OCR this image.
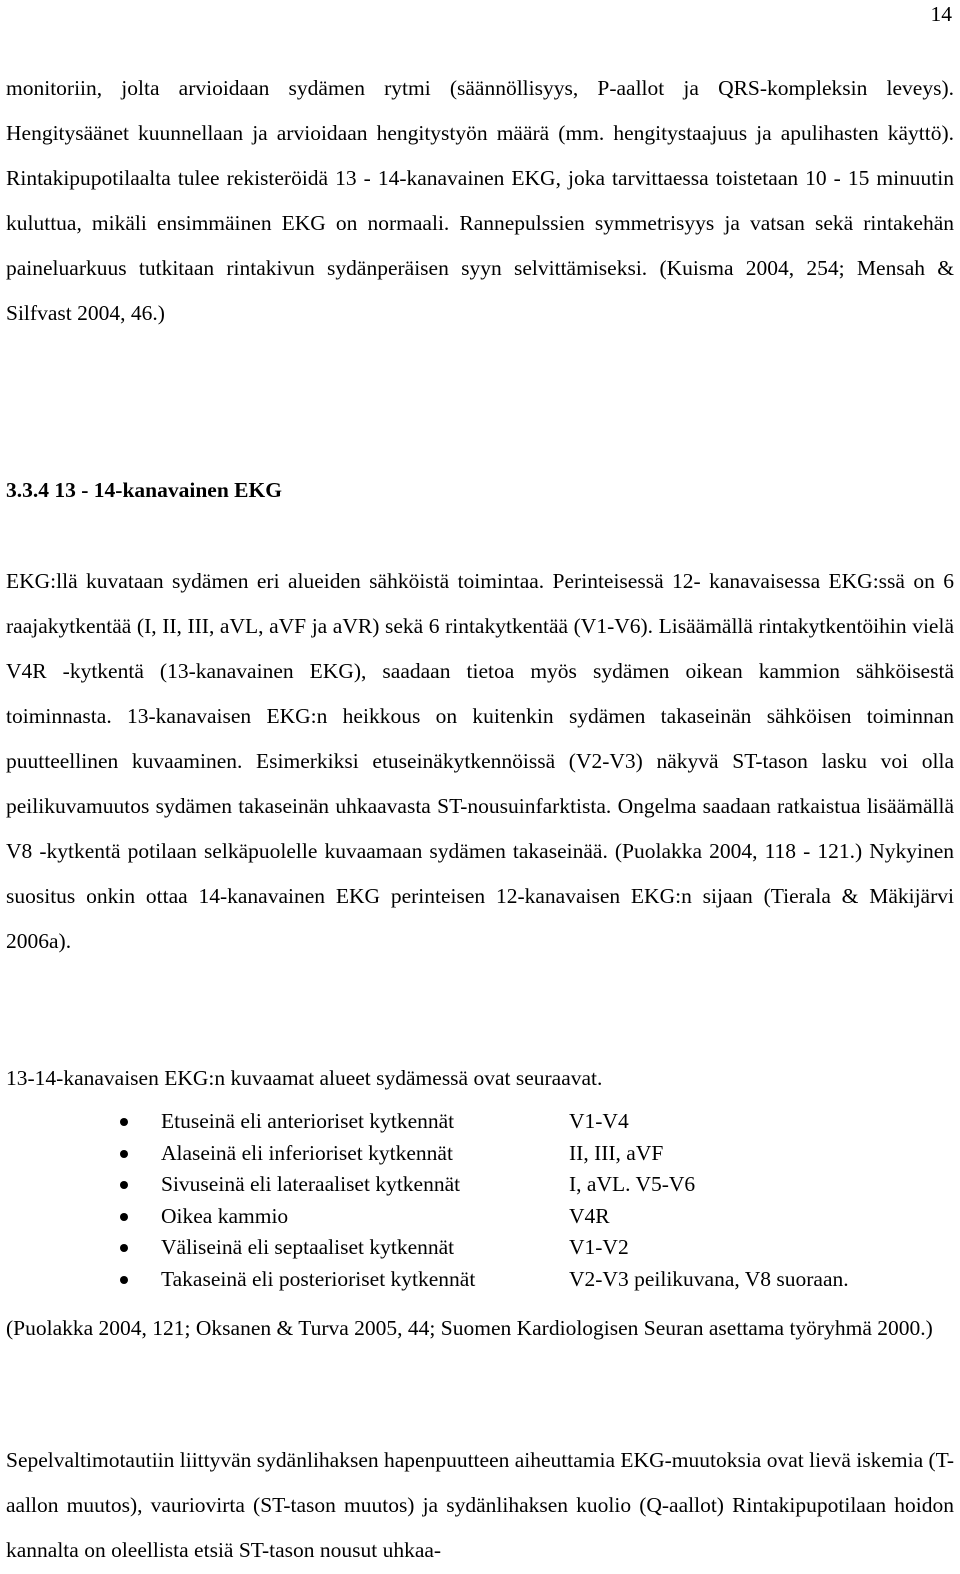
14

monitoriin, jolta arvioidaan sydämen rytmi (säännöllisyys, P-aallot ja QRS-kompleksin leveys). Hengitysäänet kuunnellaan ja arvioidaan hengitystyön määrä (mm. hengitystaajuus ja apulihasten käyttö). Rintakipupotilaalta tulee rekisteröidä 13 - 14-kanavainen EKG, joka tarvittaessa toistetaan 10 - 15 minuutin kuluttua, mikäli ensimmäinen EKG on normaali. Rannepulssien symmetrisyys ja vatsan sekä rintakehän paineluarkuus tutkitaan rintakivun sydänperäisen syyn selvittämiseksi. (Kuisma 2004, 254; Mensah & Silfvast 2004, 46.)

3.3.4 13 - 14-kanavainen EKG

EKG:llä kuvataan sydämen eri alueiden sähköistä toimintaa. Perinteisessä 12- kanavaisessa EKG:ssä on 6 raajakytkentää (I, II, III, aVL, aVF ja aVR) sekä 6 rintakytkentää (V1-V6). Lisäämällä rintakytkentöihin vielä V4R -kytkentä (13-kanavainen EKG), saadaan tietoa myös sydämen oikean kammion sähköisestä toiminnasta. 13-kanavaisen EKG:n heikkous on kuitenkin sydämen takaseinän sähköisen toiminnan puutteellinen kuvaaminen. Esimerkiksi etuseinäkytkennöissä (V2-V3) näkyvä ST-tason lasku voi olla peilikuvamuutos sydämen takaseinän uhkaavasta ST-nousuinfarktista. Ongelma saadaan ratkaistua lisäämällä V8 -kytkentä potilaan selkäpuolelle kuvaamaan sydämen takaseinää. (Puolakka 2004, 118 - 121.) Nykyinen suositus onkin ottaa 14-kanavainen EKG perinteisen 12-kanavaisen EKG:n sijaan (Tierala & Mäkijärvi 2006a).

13-14-kanavaisen EKG:n kuvaamat alueet sydämessä ovat seuraavat.

Etuseinä eli anterioriset kytkennät	V1-V4
Alaseinä eli inferioriset kytkennät	II, III, aVF
Sivuseinä eli lateraaliset kytkennät	I, aVL. V5-V6
Oikea kammio	V4R
Väliseinä eli septaaliset kytkennät	V1-V2
Takaseinä eli posterioriset kytkennät	V2-V3 peilikuvana, V8 suoraan.

(Puolakka 2004, 121; Oksanen & Turva 2005, 44; Suomen Kardiologisen Seuran asettama työryhmä 2000.)

Sepelvaltimotautiin liittyvän sydänlihaksen hapenpuutteen aiheuttamia EKG-muutoksia ovat lievä iskemia (T-aallon muutos), vauriovirta (ST-tason muutos) ja sydänlihaksen kuolio (Q-aallot) Rintakipupotilaan hoidon kannalta on oleellista etsiä ST-tason nousut uhkaa-
